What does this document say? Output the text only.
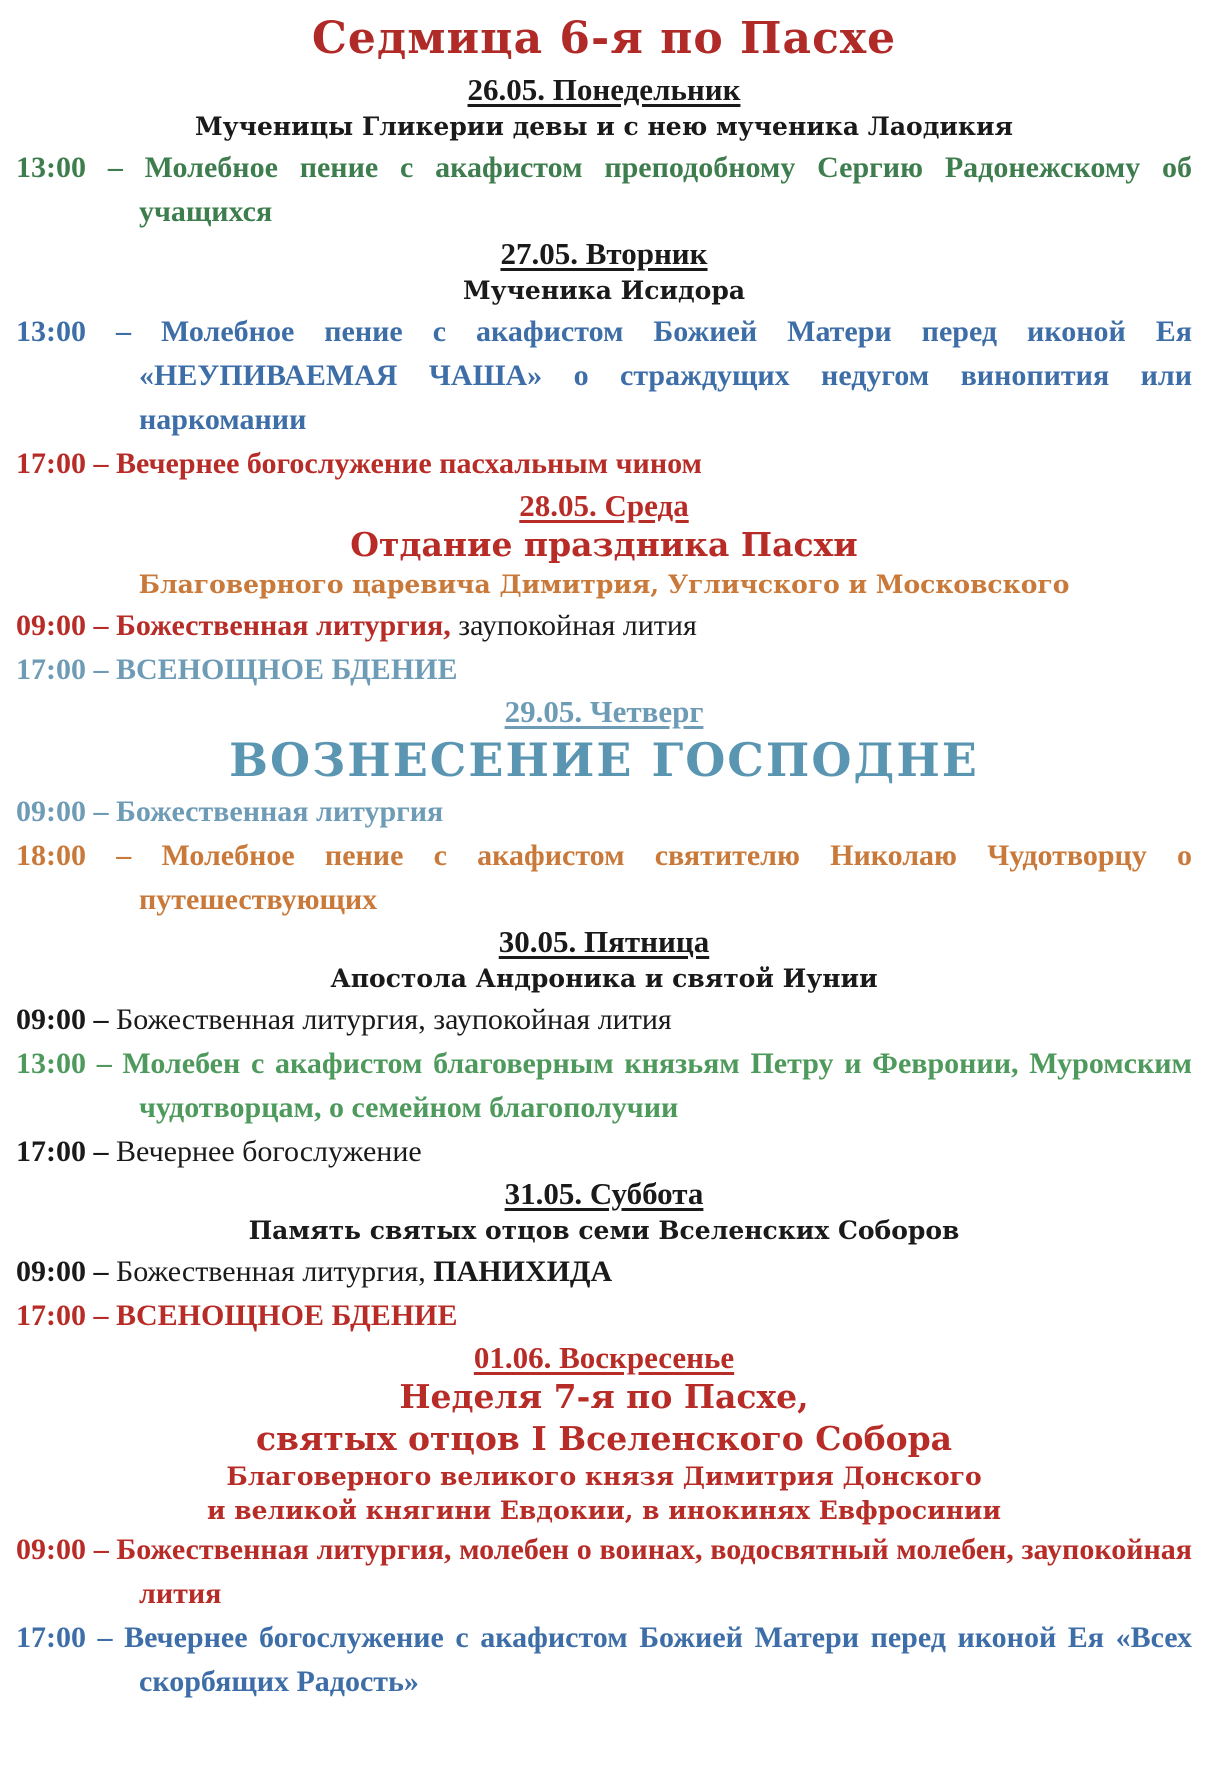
Седмица 6-я по Пасхе
26.05. Понедельник
Мученицы Гликерии девы и с нею мученика Лаодикия

13:00 – Молебное пение с акафистом преподобному Сергию Радонежскому об учащихся

27.05. Вторник
Мученика Исидора

13:00 – Молебное пение с акафистом Божией Матери перед иконой Ея «НЕУПИВАЕМАЯ ЧАША» о страждущих недугом винопития или наркомании

17:00 – Вечернее богослужение пасхальным чином

28.05. Среда
Отдание праздника Пасхи
Благоверного царевича Димитрия, Угличского и Московского

09:00 – Божественная литургия, заупокойная лития

17:00 – ВСЕНОЩНОЕ БДЕНИЕ

29.05. Четверг
ВОЗНЕСЕНИЕ ГОСПОДНЕ

09:00 – Божественная литургия

18:00 – Молебное пение с акафистом святителю Николаю Чудотворцу о путешествующих

30.05. Пятница
Апостола Андроника и святой Иунии

09:00 – Божественная литургия, заупокойная лития

13:00 – Молебен с акафистом благоверным князьям Петру и Февронии, Муромским чудотворцам, о семейном благополучии

17:00 – Вечернее богослужение

31.05. Суббота
Память святых отцов семи Вселенских Соборов

09:00 – Божественная литургия, ПАНИХИДА

17:00 – ВСЕНОЩНОЕ БДЕНИЕ

01.06. Воскресенье
Неделя 7-я по Пасхе,
святых отцов I Вселенского Собора
Благоверного великого князя Димитрия Донского
и великой княгини Евдокии, в инокинях Евфросинии

09:00 – Божественная литургия, молебен о воинах, водосвятный молебен, заупокойная лития

17:00 – Вечернее богослужение с акафистом Божией Матери перед иконой Ея «Всех скорбящих Радость»
